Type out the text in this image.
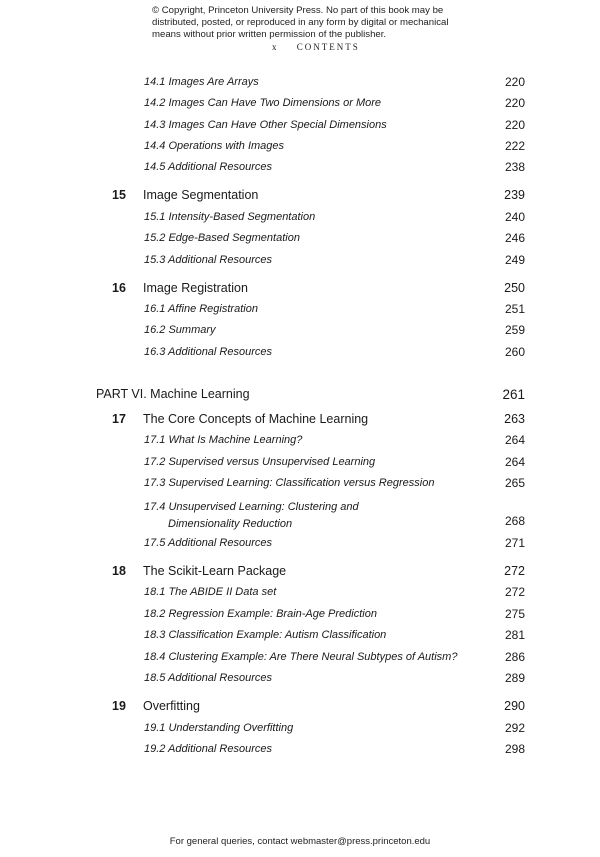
© Copyright, Princeton University Press. No part of this book may be distributed, posted, or reproduced in any form by digital or mechanical means without prior written permission of the publisher.
x CONTENTS
14.1 Images Are Arrays	220
14.2 Images Can Have Two Dimensions or More	220
14.3 Images Can Have Other Special Dimensions	220
14.4 Operations with Images	222
14.5 Additional Resources	238
15 Image Segmentation	239
15.1 Intensity-Based Segmentation	240
15.2 Edge-Based Segmentation	246
15.3 Additional Resources	249
16 Image Registration	250
16.1 Affine Registration	251
16.2 Summary	259
16.3 Additional Resources	260
PART VI. Machine Learning	261
17 The Core Concepts of Machine Learning	263
17.1 What Is Machine Learning?	264
17.2 Supervised versus Unsupervised Learning	264
17.3 Supervised Learning: Classification versus Regression	265
17.4 Unsupervised Learning: Clustering and
Dimensionality Reduction	268
17.5 Additional Resources	271
18 The Scikit-Learn Package	272
18.1 The ABIDE II Data set	272
18.2 Regression Example: Brain-Age Prediction	275
18.3 Classification Example: Autism Classification	281
18.4 Clustering Example: Are There Neural Subtypes of Autism?	286
18.5 Additional Resources	289
19 Overfitting	290
19.1 Understanding Overfitting	292
19.2 Additional Resources	298
For general queries, contact webmaster@press.princeton.edu
